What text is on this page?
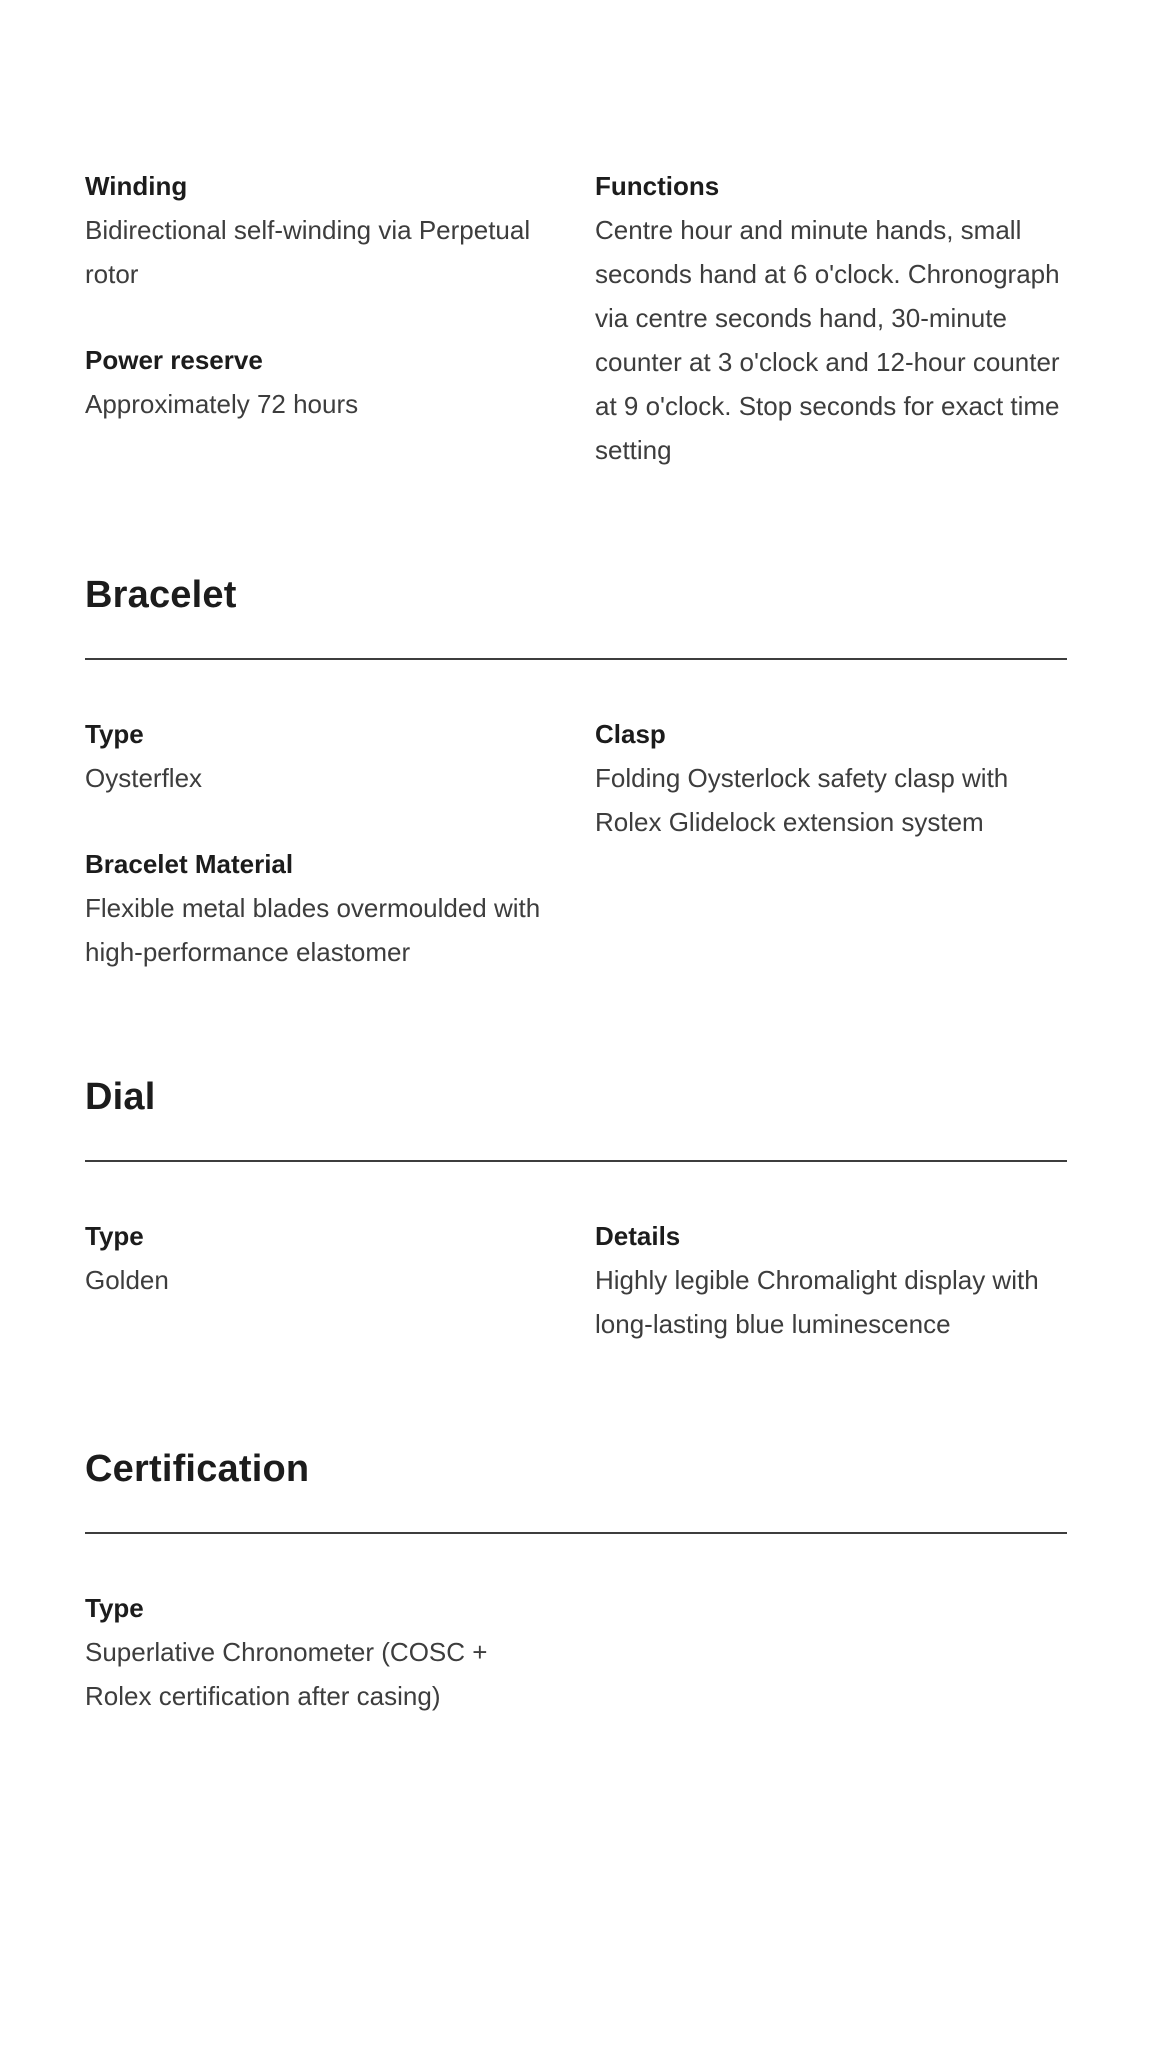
Winding

Bidirectional self-winding via Perpetual rotor

Power reserve

Approximately 72 hours

Functions

Centre hour and minute hands, small seconds hand at 6 o'clock. Chronograph via centre seconds hand, 30-minute counter at 3 o'clock and 12-hour counter at 9 o'clock. Stop seconds for exact time setting

Bracelet
Type

Oysterflex

Bracelet Material

Flexible metal blades overmoulded with high-performance elastomer

Clasp

Folding Oysterlock safety clasp with Rolex Glidelock extension system

Dial
Type

Golden

Details

Highly legible Chromalight display with long-lasting blue luminescence

Certification
Type

Superlative Chronometer (COSC + Rolex certification after casing)
